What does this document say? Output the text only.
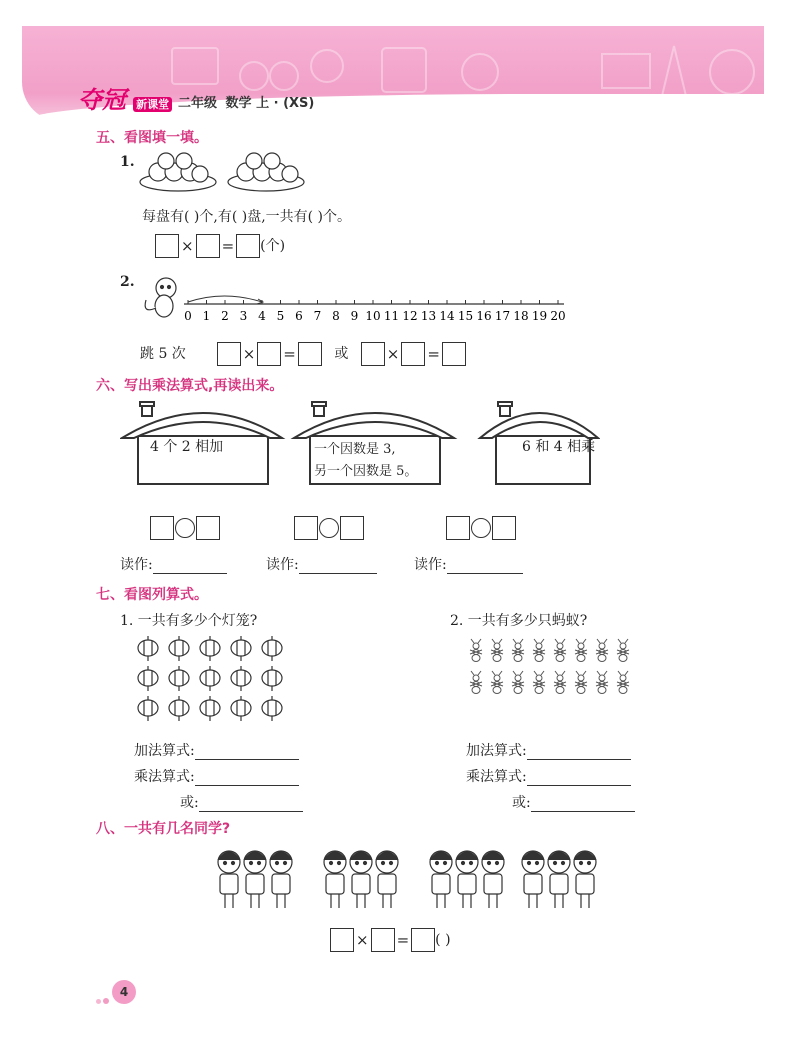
夺冠 新课堂 二年级 数学 上 · (XS)
五、看图填一填。
1.
每盘有( )个,有( )盘,一共有( )个。
× = (个)
2.
0 1 2 3 4 5 6 7 8 9 10 11 12 13 14 15 16 17 18 19 20
跳 5 次	× =	或	× =
六、写出乘法算式,再读出来。
4 个 2 相加	一个因数是 3,
另一个因数是 5。
6 和 4 相乘
读作:	读作:	读作:
七、看图列算式。
1. 一共有多少个灯笼?	2. 一共有多少只蚂蚁?
加法算式:
乘法算式:
或:
加法算式:
乘法算式:
或:
八、一共有几名同学?
× = ( )
4
